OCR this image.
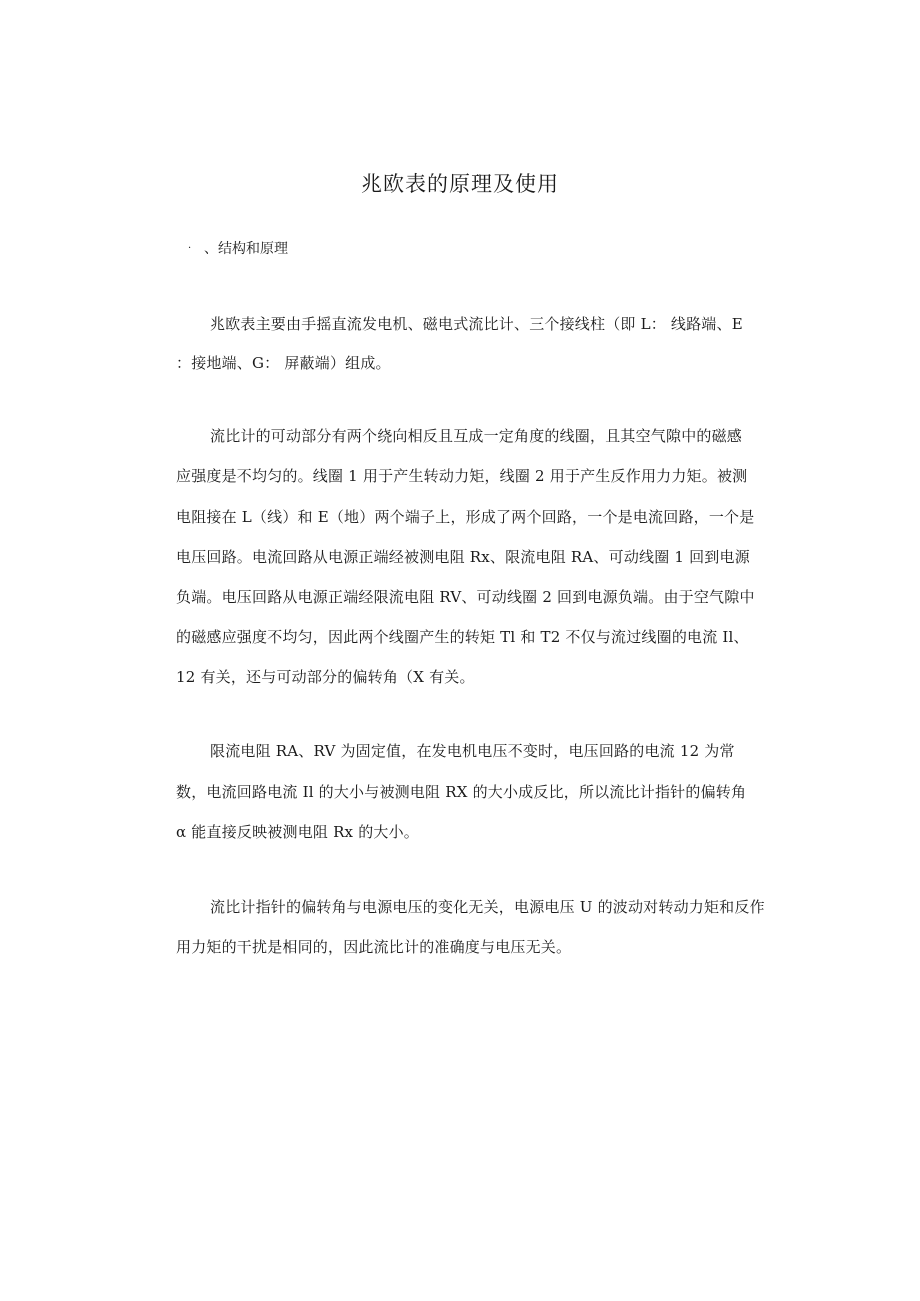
兆欧表的原理及使用
· 、结构和原理
兆欧表主要由手摇直流发电机、磁电式流比计、三个接线柱（即 L： 线路端、E
：接地端、G： 屏蔽端）组成。
流比计的可动部分有两个绕向相反且互成一定角度的线圈，且其空气隙中的磁感
应强度是不均匀的。线圈 1 用于产生转动力矩，线圈 2 用于产生反作用力力矩。被测
电阻接在 L（线）和 E（地）两个端子上，形成了两个回路，一个是电流回路，一个是
电压回路。电流回路从电源正端经被测电阻 Rx、限流电阻 RA、可动线圈 1 回到电源
负端。电压回路从电源正端经限流电阻 RV、可动线圈 2 回到电源负端。由于空气隙中
的磁感应强度不均匀，因此两个线圈产生的转矩 Tl 和 T2 不仅与流过线圈的电流 Il、
12 有关，还与可动部分的偏转角（X 有关。
限流电阻 RA、RV 为固定值，在发电机电压不变时，电压回路的电流 12 为常
数，电流回路电流 Il 的大小与被测电阻 RX 的大小成反比，所以流比计指针的偏转角
α 能直接反映被测电阻 Rx 的大小。
流比计指针的偏转角与电源电压的变化无关，电源电压 U 的波动对转动力矩和反作
用力矩的干扰是相同的，因此流比计的准确度与电压无关。
